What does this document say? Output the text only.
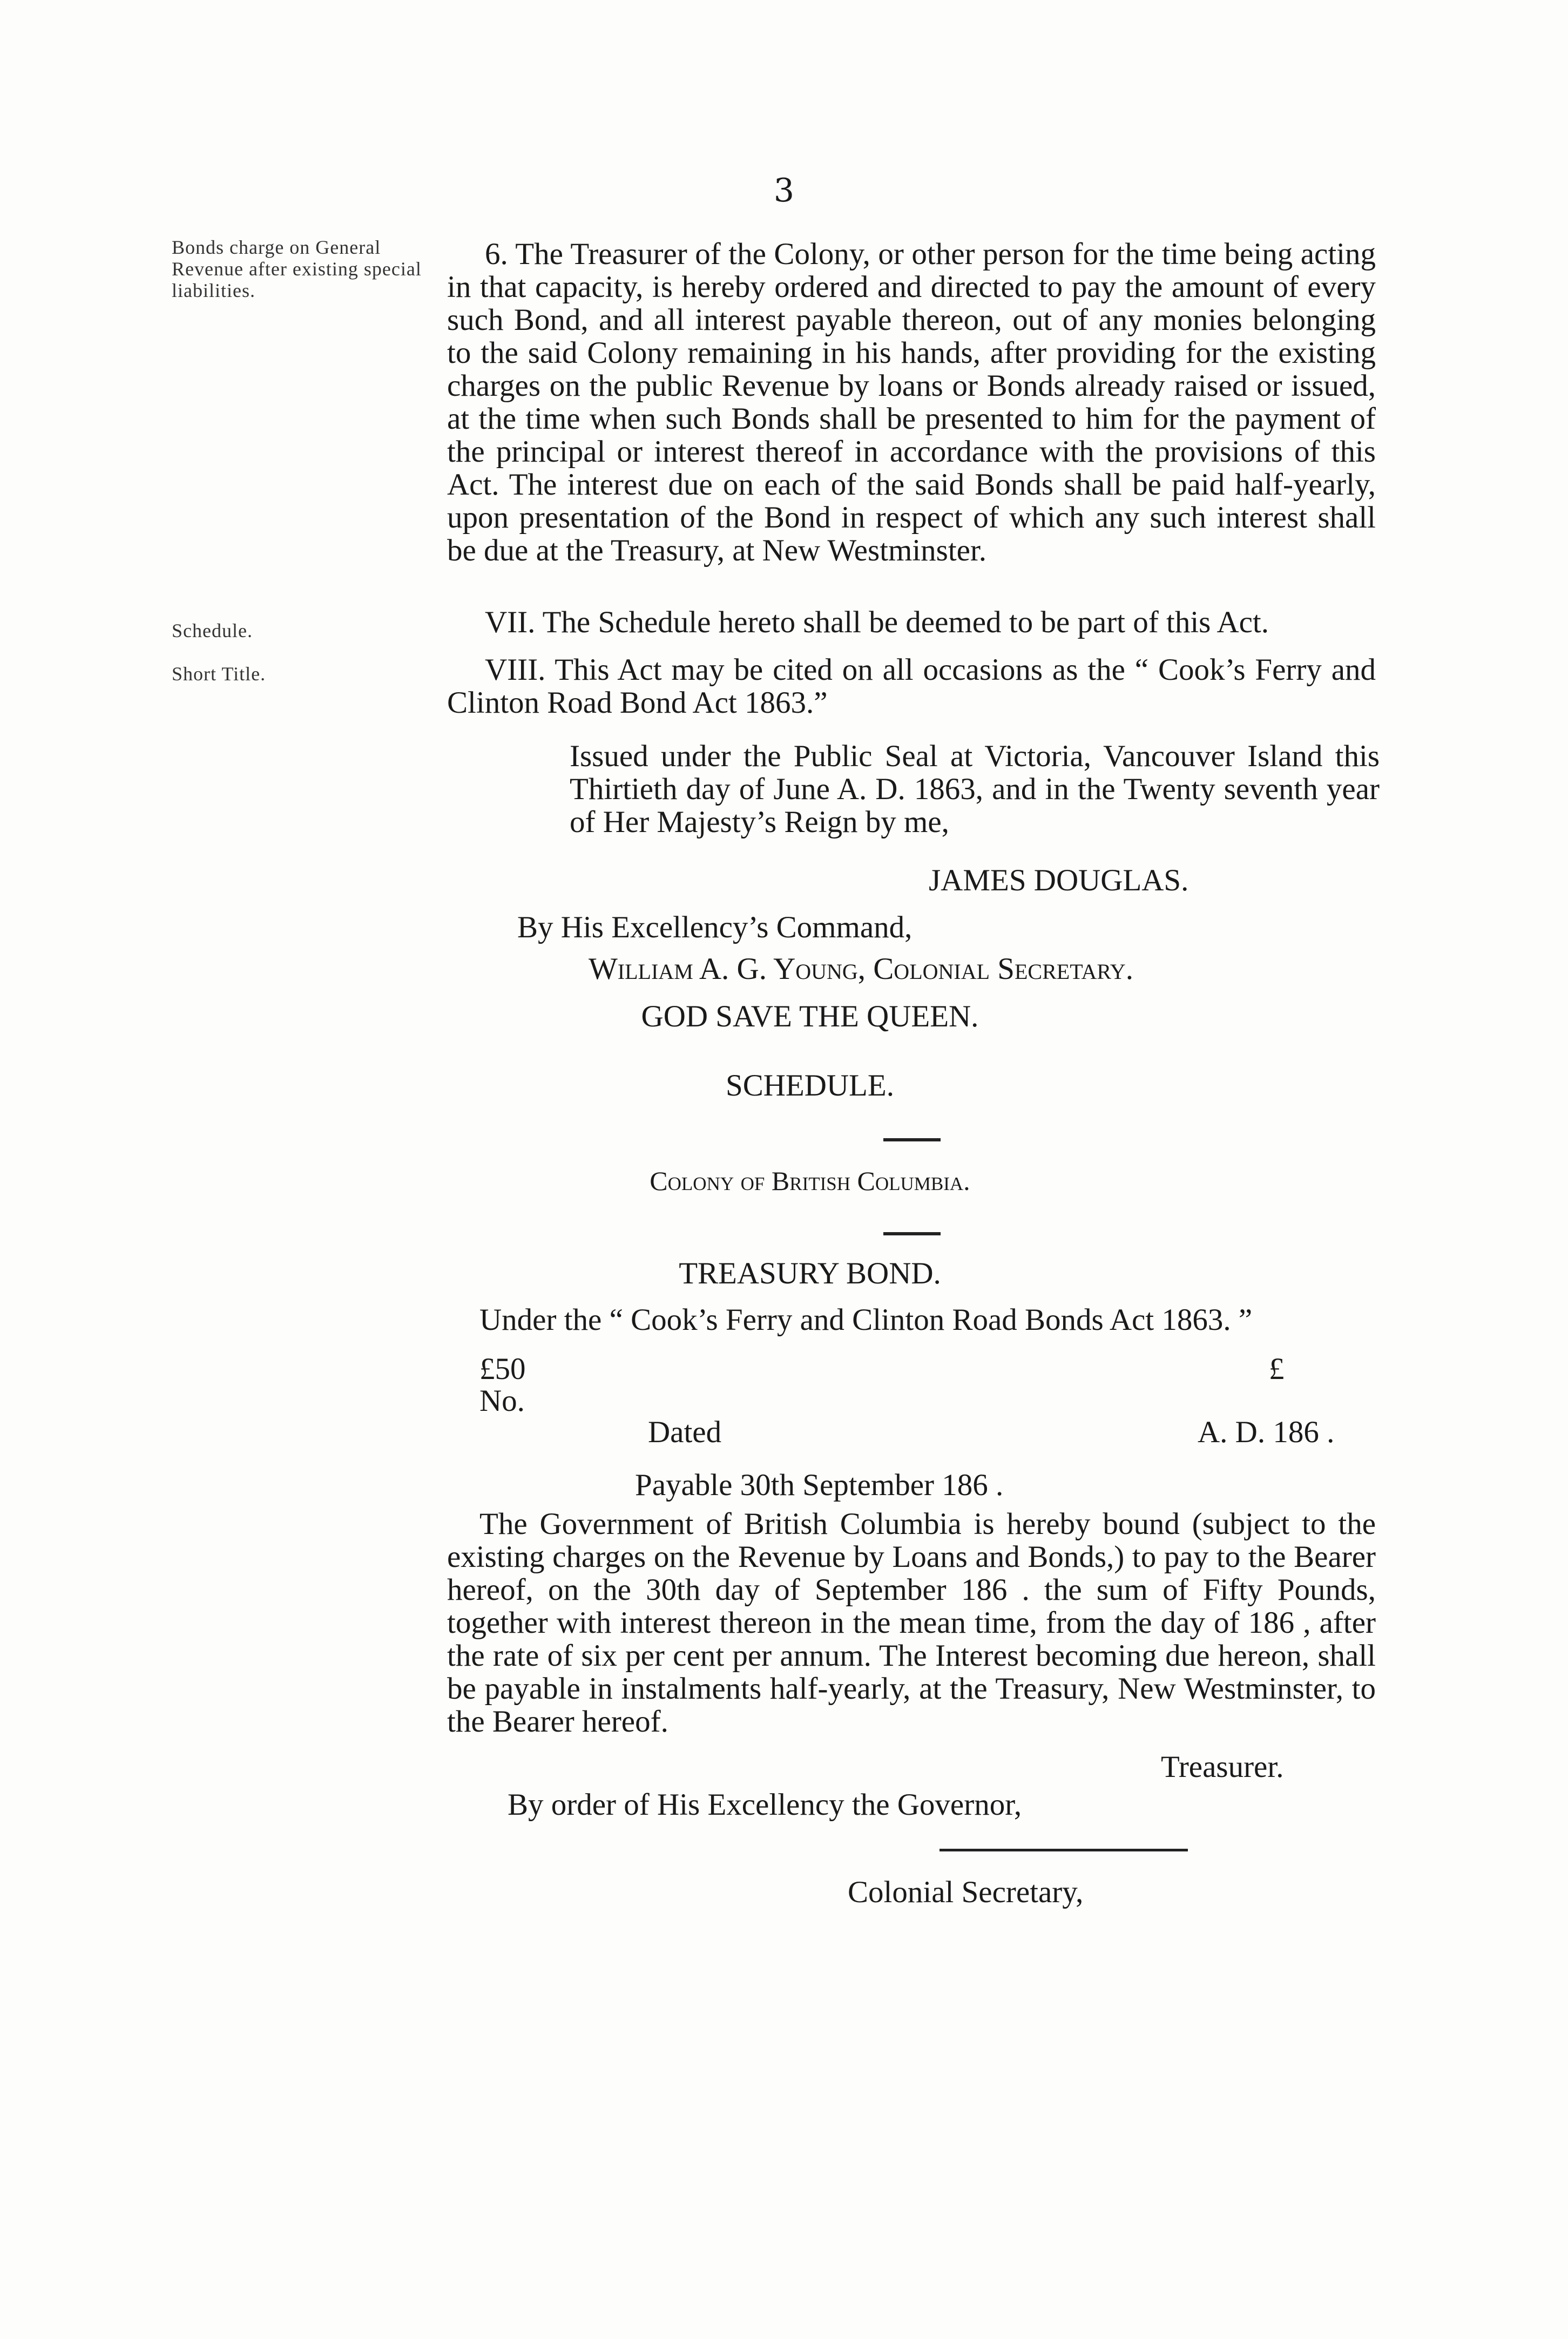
3
Bonds charge on General Revenue after existing special liabilities.
Schedule.
Short Title.

6. The Treasurer of the Colony, or other person for the time being acting in that capacity, is hereby ordered and directed to pay the amount of every such Bond, and all interest payable thereon, out of any monies belonging to the said Colony remaining in his hands, after providing for the existing charges on the public Revenue by loans or Bonds already raised or issued, at the time when such Bonds shall be presented to him for the payment of the principal or interest thereof in accordance with the provisions of this Act. The interest due on each of the said Bonds shall be paid half-yearly, upon presentation of the Bond in respect of which any such interest shall be due at the Treasury, at New Westminster.

VII. The Schedule hereto shall be deemed to be part of this Act.

VIII. This Act may be cited on all occasions as the “ Cook’s Ferry and Clinton Road Bond Act 1863.”

Issued under the Public Seal at Victoria, Vancouver Island this Thirtieth day of June A. D. 1863, and in the Twenty seventh year of Her Majesty’s Reign by me,

JAMES DOUGLAS.
By His Excellency’s Command,
William A. G. Young, Colonial Secretary.
GOD SAVE THE QUEEN.
SCHEDULE.
Colony of British Columbia.
TREASURY BOND.
Under the “ Cook’s Ferry and Clinton Road Bonds Act 1863. ”
£50	£
No.
Dated	A. D. 186 .
Payable 30th September 186 .

The Government of British Columbia is hereby bound (subject to the existing charges on the Revenue by Loans and Bonds,) to pay to the Bearer hereof, on the 30th day of September 186 . the sum of Fifty Pounds, together with interest thereon in the mean time, from the day of 186 , after the rate of six per cent per annum. The Interest becoming due hereon, shall be payable in instalments half-yearly, at the Treasury, New Westminster, to the Bearer hereof.

Treasurer.
By order of His Excellency the Governor,
Colonial Secretary,
